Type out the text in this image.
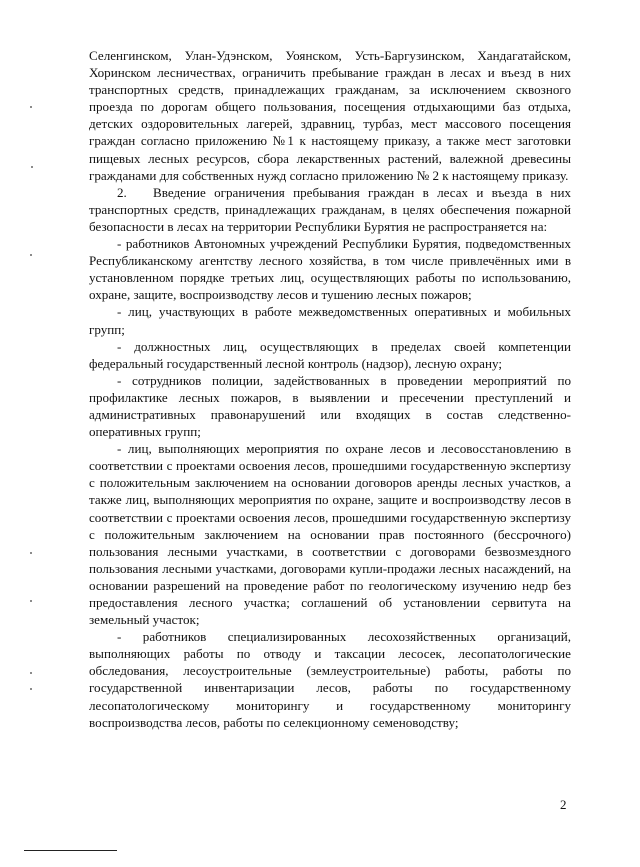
Селенгинском, Улан-Удэнском, Уоянском, Усть-Баргузинском, Хандагатайском, Хоринском лесничествах, ограничить пребывание граждан в лесах и въезд в них транспортных средств, принадлежащих гражданам, за исключением сквозного проезда по дорогам общего пользования, посещения отдыхающими баз отдыха, детских оздоровительных лагерей, здравниц, турбаз, мест массового посещения граждан согласно приложению №1 к настоящему приказу, а также мест заготовки пищевых лесных ресурсов, сбора лекарственных растений, валежной древесины гражданами для собственных нужд согласно приложению № 2 к настоящему приказу.

2.  Введение ограничения пребывания граждан в лесах и въезда в них транспортных средств, принадлежащих гражданам, в целях обеспечения пожарной безопасности в лесах на территории Республики Бурятия не распространяется на:

- работников Автономных учреждений Республики Бурятия, подведомственных Республиканскому агентству лесного хозяйства, в том числе привлечённых ими в установленном порядке третьих лиц, осуществляющих работы по использованию, охране, защите, воспроизводству лесов и тушению лесных пожаров;

- лиц, участвующих в работе межведомственных оперативных и мобильных групп;

- должностных лиц, осуществляющих в пределах своей компетенции федеральный государственный лесной контроль (надзор), лесную охрану;

- сотрудников полиции, задействованных в проведении мероприятий по профилактике лесных пожаров, в выявлении и пресечении преступлений и административных правонарушений или входящих в состав следственно-оперативных групп;

- лиц, выполняющих мероприятия по охране лесов и лесовосстановлению в соответствии с проектами освоения лесов, прошедшими государственную экспертизу с положительным заключением на основании договоров аренды лесных участков, а также лиц, выполняющих мероприятия по охране, защите и воспроизводству лесов в соответствии с проектами освоения лесов, прошедшими государственную экспертизу с положительным заключением на основании прав постоянного (бессрочного) пользования лесными участками, в соответствии с договорами безвозмездного пользования лесными участками, договорами купли-продажи лесных насаждений, на основании разрешений на проведение работ по геологическому изучению недр без предоставления лесного участка; соглашений об установлении сервитута на земельный участок;

- работников специализированных лесохозяйственных организаций, выполняющих работы по отводу и таксации лесосек, лесопатологические обследования, лесоустроительные (землеустроительные) работы, работы по государственной инвентаризации лесов, работы по государственному лесопатологическому мониторингу и государственному мониторингу воспроизводства лесов, работы по селекционному семеноводству;

2
